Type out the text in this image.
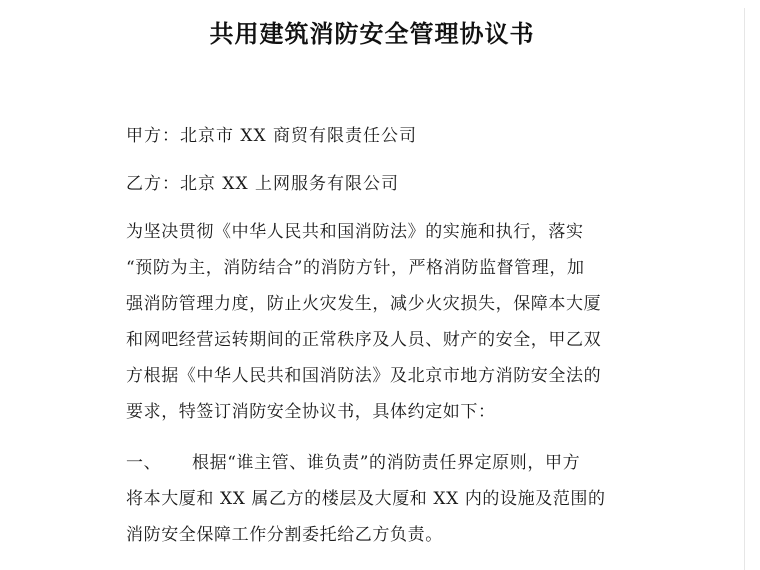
共用建筑消防安全管理协议书
甲方：北京市 XX 商贸有限责任公司
乙方：北京 XX 上网服务有限公司
为坚决贯彻《中华人民共和国消防法》的实施和执行，落实
“预防为主，消防结合”的消防方针，严格消防监督管理，加
强消防管理力度，防止火灾发生，减少火灾损失，保障本大厦
和网吧经营运转期间的正常秩序及人员、财产的安全，甲乙双
方根据《中华人民共和国消防法》及北京市地方消防安全法的
要求，特签订消防安全协议书，具体约定如下：
一、 根据“谁主管、谁负责”的消防责任界定原则，甲方
将本大厦和 XX 属乙方的楼层及大厦和 XX 内的设施及范围的
消防安全保障工作分割委托给乙方负责。
